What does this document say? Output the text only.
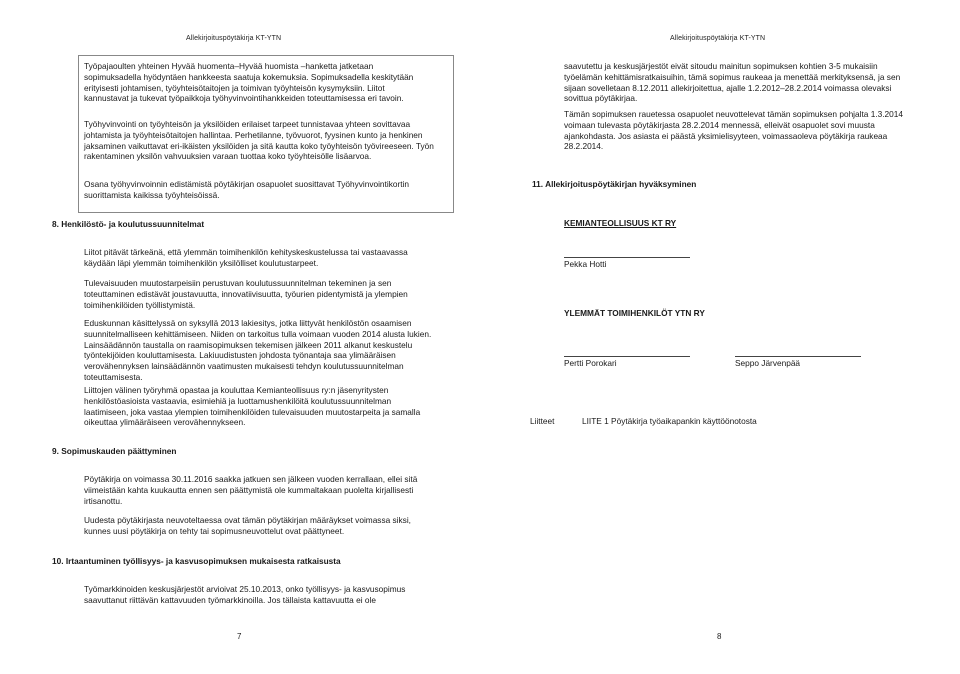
Allekirjoituspöytäkirja KT-YTN

Työpajaoulten yhteinen Hyvää huomenta–Hyvää huomista –hanketta jatketaan sopimuksadella hyödyntäen hankkeesta saatuja kokemuksia. Sopimuksadella keskitytään erityisesti johtamisen, työyhteisötaitojen ja toimivan työyhteisön kysymyksiin. Liitot kannustavat ja tukevat työpaikkoja työhyvinvointihankkeiden toteuttamisessa eri tavoin.

Työhyvinvointi on työyhteisön ja yksilöiden erilaiset tarpeet tunnistavaa yhteen sovittavaa johtamista ja työyhteisötaitojen hallintaa. Perhetilanne, työvuorot, fyysinen kunto ja henkinen jaksaminen vaikuttavat eri-ikäisten yksilöiden ja sitä kautta koko työyhteisön työvireeseen. Työn rakentaminen yksilön vahvuuksien varaan tuottaa koko työyhteisölle lisäarvoa.

Osana työhyvinvoinnin edistämistä pöytäkirjan osapuolet suosittavat Työhyvinvointikortin suorittamista kaikissa työyhteisöissä.

8. Henkilöstö- ja koulutussuunnitelmat

Liitot pitävät tärkeänä, että ylemmän toimihenkilön kehityskeskustelussa tai vastaavassa käydään läpi ylemmän toimihenkilön yksilölliset koulutustarpeet.

Tulevaisuuden muutostarpeisiin perustuvan koulutussuunnitelman tekeminen ja sen toteuttaminen edistävät joustavuutta, innovatiivisuutta, työurien pidentymistä ja ylempien toimihenkilöiden työllistymistä.

Eduskunnan käsittelyssä on syksyllä 2013 lakiesitys, jotka liittyvät henkilöstön osaamisen suunnitelmalliseen kehittämiseen. Niiden on tarkoitus tulla voimaan vuoden 2014 alusta lukien. Lainsäädännön taustalla on raamisopimuksen tekemisen jälkeen 2011 alkanut keskustelu työntekijöiden kouluttamisesta. Lakiuudistusten johdosta työnantaja saa ylimääräisen verovähennyksen lainsäädännön vaatimusten mukaisesti tehdyn koulutussuunnitelman toteuttamisesta.

Liittojen välinen työryhmä opastaa ja kouluttaa Kemianteollisuus ry:n jäsenyritysten henkilöstöasioista vastaavia, esimiehiä ja luottamushenkilöitä koulutussuunnitelman laatimiseen, joka vastaa ylempien toimihenkilöiden tulevaisuuden muutostarpeita ja samalla oikeuttaa ylimääräiseen verovähennykseen.

9. Sopimuskauden päättyminen

Pöytäkirja on voimassa 30.11.2016 saakka jatkuen sen jälkeen vuoden kerrallaan, ellei sitä viimeistään kahta kuukautta ennen sen päättymistä ole kummaltakaan puolelta kirjallisesti irtisanottu.

Uudesta pöytäkirjasta neuvoteltaessa ovat tämän pöytäkirjan määräykset voimassa siksi, kunnes uusi pöytäkirja on tehty tai sopimusneuvottelut ovat päättyneet.

10. Irtaantuminen työllisyys- ja kasvusopimuksen mukaisesta ratkaisusta

Työmarkkinoiden keskusjärjestöt arvioivat 25.10.2013, onko työllisyys- ja kasvusopimus saavuttanut riittävän kattavuuden työmarkkinoilla. Jos tällaista kattavuutta ei ole

7
Allekirjoituspöytäkirja KT-YTN

saavutettu ja keskusjärjestöt eivät sitoudu mainitun sopimuksen kohtien 3-5 mukaisiin työelämän kehittämisratkaisuihin, tämä sopimus raukeaa ja menettää merkityksensä, ja sen sijaan sovelletaan 8.12.2011 allekirjoitettua, ajalle 1.2.2012–28.2.2014 voimassa olevaksi sovittua pöytäkirjaa.

Tämän sopimuksen rauetessa osapuolet neuvottelevat tämän sopimuksen pohjalta 1.3.2014 voimaan tulevasta pöytäkirjasta 28.2.2014 mennessä, elleivät osapuolet sovi muusta ajankohdasta. Jos asiasta ei päästä yksimielisyyteen, voimassaoleva pöytäkirja raukeaa 28.2.2014.

11. Allekirjoituspöytäkirjan hyväksyminen
KEMIANTEOLLISUUS KT RY
Pekka Hotti
YLEMMÄT TOIMIHENKILÖT YTN RY
Pertti Porokari	Seppo Järvenpää
Liitteet	LIITE 1 Pöytäkirja työaikapankin käyttöönotosta
8
